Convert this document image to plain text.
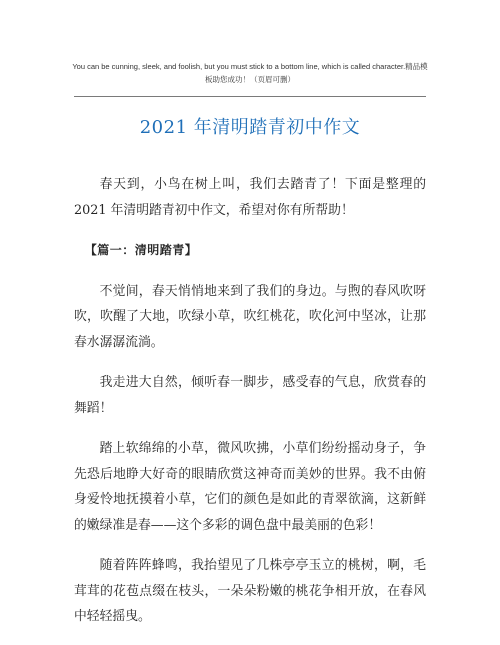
You can be cunning, sleek, and foolish, but you must stick to a bottom line, which is called character.精品模板助您成功！（页眉可删）
2021 年清明踏青初中作文

春天到，小鸟在树上叫，我们去踏青了！下面是整理的 2021 年清明踏青初中作文，希望对你有所帮助！

【篇一：清明踏青】

不觉间，春天悄悄地来到了我们的身边。与煦的春风吹呀吹，吹醒了大地，吹绿小草，吹红桃花，吹化河中坚冰，让那春水潺潺流淌。

我走进大自然，倾听春一脚步，感受春的气息，欣赏春的舞蹈！

踏上软绵绵的小草，微风吹拂，小草们纷纷摇动身子，争先恐后地睁大好奇的眼睛欣赏这神奇而美妙的世界。我不由俯身爱怜地抚摸着小草，它们的颜色是如此的青翠欲滴，这新鲜的嫩绿准是春——这个多彩的调色盘中最美丽的色彩！

随着阵阵蜂鸣，我抬望见了几株亭亭玉立的桃树，啊，毛茸茸的花苞点缀在枝头，一朵朵粉嫩的桃花争相开放，在春风中轻轻摇曳。
